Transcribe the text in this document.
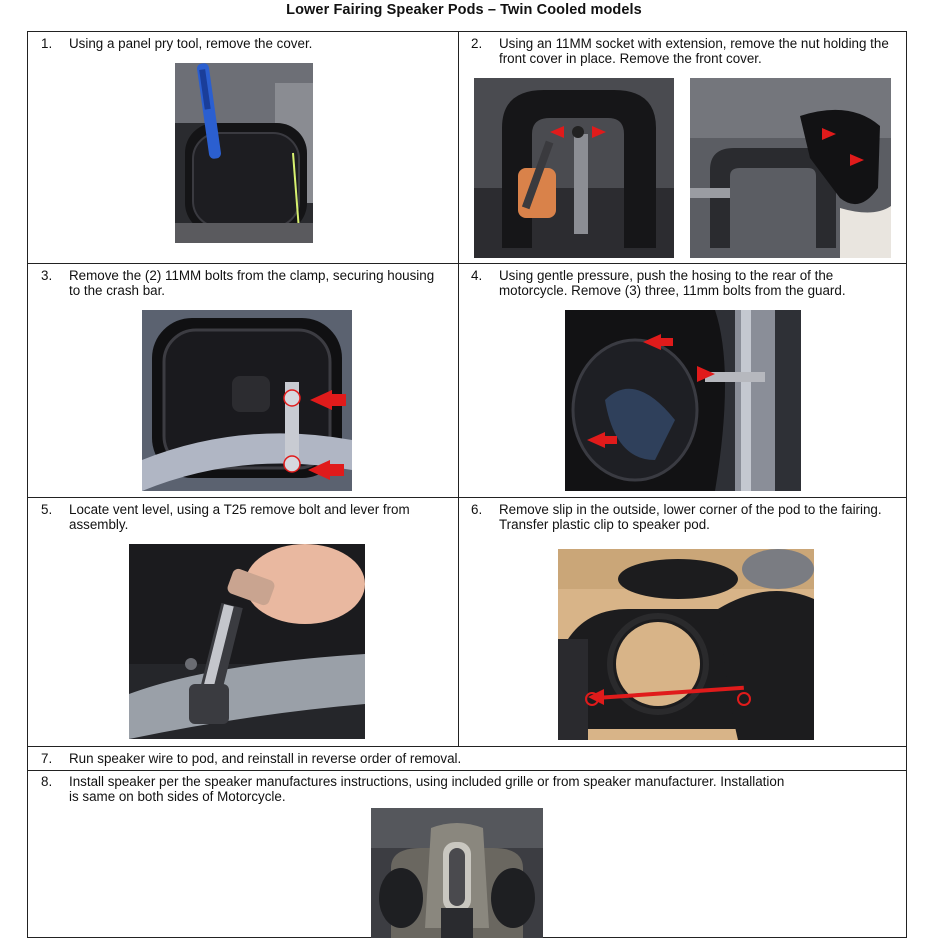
Lower Fairing Speaker Pods – Twin Cooled models
1. Using a panel pry tool, remove the cover.	2. Using an 11MM socket with extension, remove the nut holding the front cover in place. Remove the front cover.
3. Remove the (2) 11MM bolts from the clamp, securing housing to the crash bar.
4. Using gentle pressure, push the hosing to the rear of the motorcycle. Remove (3) three, 11mm bolts from the guard.
5. Locate vent level, using a T25 remove bolt and lever from assembly.
6. Remove slip in the outside, lower corner of the pod to the fairing. Transfer plastic clip to speaker pod.
7. Run speaker wire to pod, and reinstall in reverse order of removal.
8. Install speaker per the speaker manufactures instructions, using included grille or from speaker manufacturer. Installation is same on both sides of Motorcycle.
